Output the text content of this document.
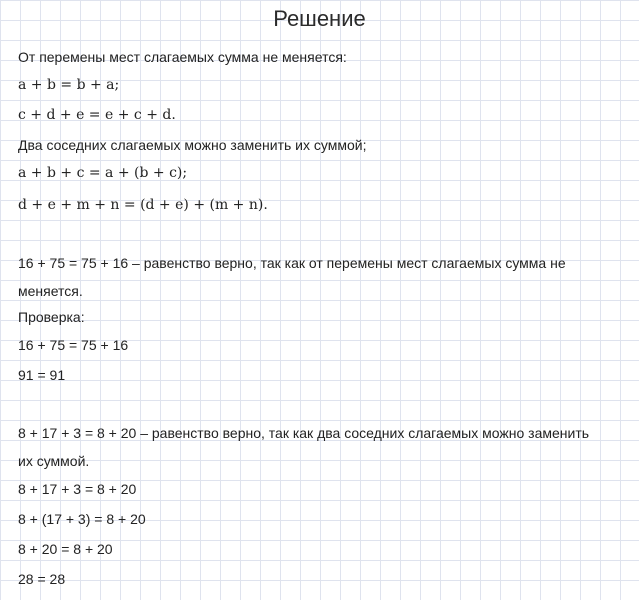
Решение
От перемены мест слагаемых сумма не меняется:
a + b = b + a;
c + d + e = e + c + d.
Два соседних слагаемых можно заменить их суммой;
a + b + c = a + (b + c);
d + e + m + n = (d + e) + (m + n).
16 + 75 = 75 + 16 – равенство верно, так как от перемены мест слагаемых сумма не
меняется.
Проверка:
16 + 75 = 75 + 16
91 = 91
8 + 17 + 3 = 8 + 20 – равенство верно, так как два соседних слагаемых можно заменить
их суммой.
8 + 17 + 3 = 8 + 20
8 + (17 + 3) = 8 + 20
8 + 20 = 8 + 20
28 = 28
